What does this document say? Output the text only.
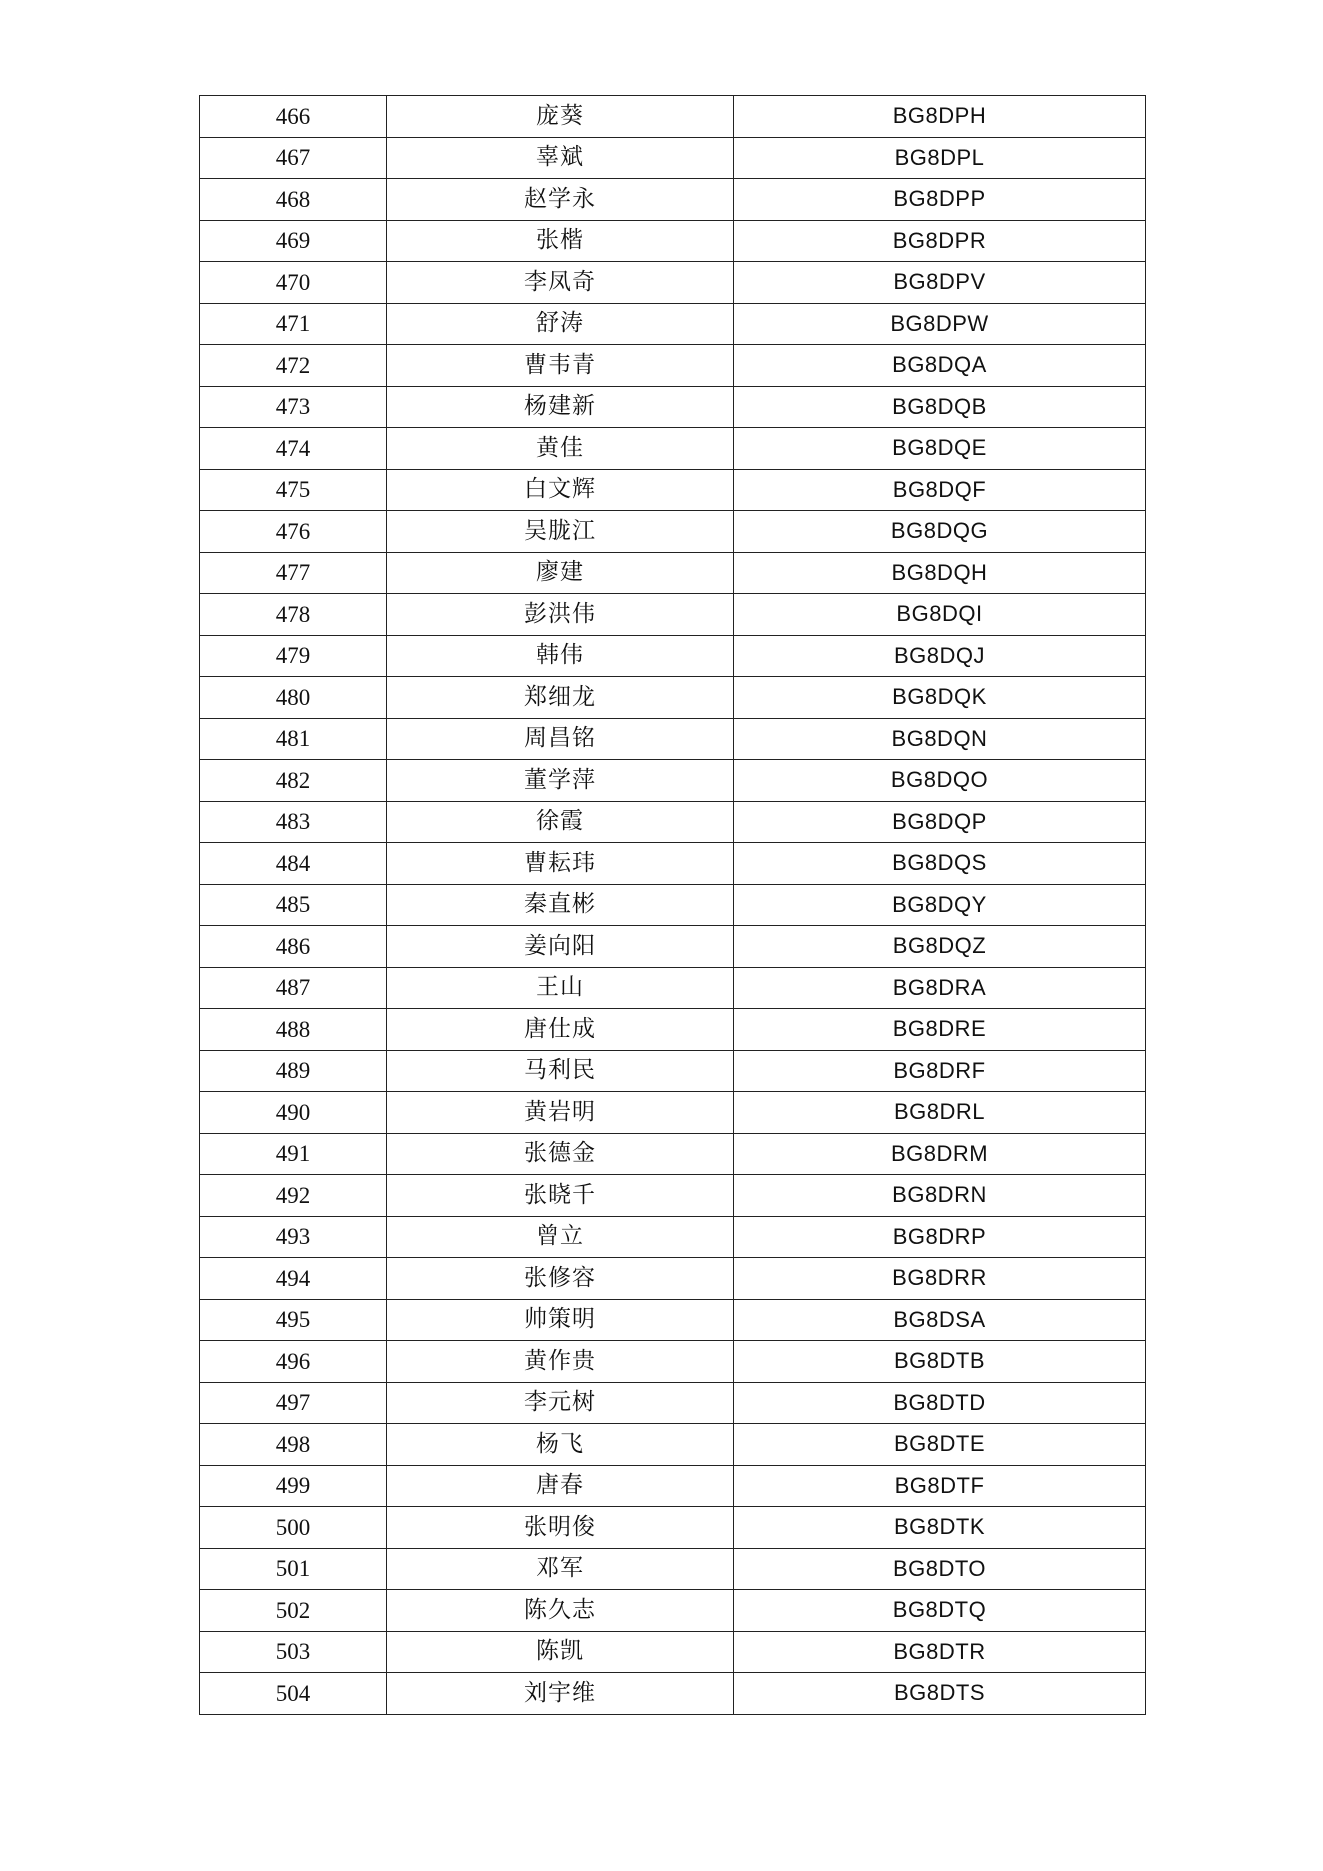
466	庞葵	BG8DPH
467	辜斌	BG8DPL
468	赵学永	BG8DPP
469	张楷	BG8DPR
470	李凤奇	BG8DPV
471	舒涛	BG8DPW
472	曹韦青	BG8DQA
473	杨建新	BG8DQB
474	黄佳	BG8DQE
475	白文辉	BG8DQF
476	吴胧江	BG8DQG
477	廖建	BG8DQH
478	彭洪伟	BG8DQI
479	韩伟	BG8DQJ
480	郑细龙	BG8DQK
481	周昌铭	BG8DQN
482	董学萍	BG8DQO
483	徐霞	BG8DQP
484	曹耘玮	BG8DQS
485	秦直彬	BG8DQY
486	姜向阳	BG8DQZ
487	王山	BG8DRA
488	唐仕成	BG8DRE
489	马利民	BG8DRF
490	黄岩明	BG8DRL
491	张德金	BG8DRM
492	张晓千	BG8DRN
493	曾立	BG8DRP
494	张修容	BG8DRR
495	帅策明	BG8DSA
496	黄作贵	BG8DTB
497	李元树	BG8DTD
498	杨飞	BG8DTE
499	唐春	BG8DTF
500	张明俊	BG8DTK
501	邓军	BG8DTO
502	陈久志	BG8DTQ
503	陈凯	BG8DTR
504	刘宇维	BG8DTS
